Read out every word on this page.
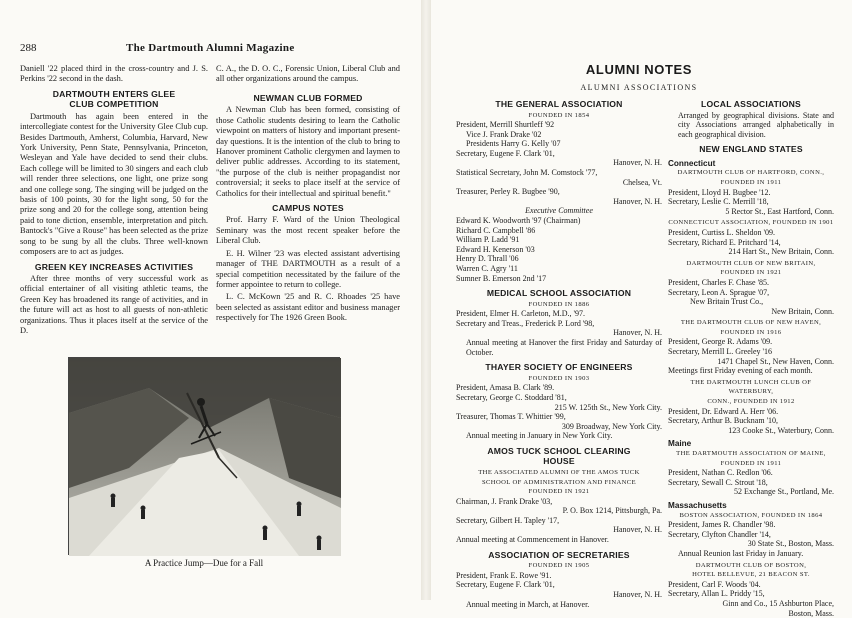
288	The Dartmouth Alumni Magazine

Daniell '22 placed third in the cross-country and J. S. Perkins '22 second in the dash.

DARTMOUTH ENTERS GLEE
CLUB COMPETITION

Dartmouth has again been entered in the intercollegiate contest for the University Glee Club cup. Besides Dartmouth, Amherst, Columbia, Harvard, New York University, Penn State, Pennsylvania, Princeton, Wesleyan and Yale have decided to send their clubs. Each college will be limited to 30 singers and each club will render three selections, one light, one prize song and one college song. The singing will be judged on the basis of 100 points, 30 for the light song, 50 for the prize song and 20 for the college song, attention being paid to tone diction, ensemble, interpretation and pitch. Bantock's "Give a Rouse" has been selected as the prize song to be sung by all the clubs. Three well-known composers are to act as judges.

GREEN KEY INCREASES ACTIVITIES

After three months of very successful work as official entertainer of all visiting athletic teams, the Green Key has broadened its range of activities, and in the future will act as host to all guests of non-athletic organizations. Thus it places itself at the service of the D.

C. A., the D. O. C., Forensic Union, Liberal Club and all other organizations around the campus.

NEWMAN CLUB FORMED

A Newman Club has been formed, consisting of those Catholic students desiring to learn the Catholic viewpoint on matters of history and important present-day questions. It is the intention of the club to bring to Hanover prominent Catholic clergymen and laymen to deliver public addresses. According to its statement, "the purpose of the club is neither propagandist nor controversial; it seeks to place itself at the service of Catholics for their intellectual and spiritual benefit."

CAMPUS NOTES

Prof. Harry F. Ward of the Union Theological Seminary was the most recent speaker before the Liberal Club.

E. H. Wilner '23 was elected assistant advertising manager of THE DARTMOUTH as a result of a special competition necessitated by the failure of the former appointee to return to college.

L. C. McKown '25 and R. C. Rhoades '25 have been selected as assistant editor and business manager respectively for The 1926 Green Book.

A Practice Jump—Due for a Fall
ALUMNI NOTES
ALUMNI ASSOCIATIONS
THE GENERAL ASSOCIATION
FOUNDED IN 1854
President, Merrill Shurtleff '92
Vice J. Frank Drake '02
Presidents Harry G. Kelly '07
Secretary, Eugene F. Clark '01,
Hanover, N. H.
Statistical Secretary, John M. Comstock '77,
Chelsea, Vt.
Treasurer, Perley R. Bugbee '90,
Hanover, N. H.
Executive Committee
Edward K. Woodworth '97 (Chairman)
Richard C. Campbell '86
William P. Ladd '91
Edward H. Kenerson '03
Henry D. Thrall '06
Warren C. Agry '11
Sumner B. Emerson 2nd '17
MEDICAL SCHOOL ASSOCIATION
FOUNDED IN 1886
President, Elmer H. Carleton, M.D., '97.
Secretary and Treas., Frederick P. Lord '98,
Hanover, N. H.
Annual meeting at Hanover the first Friday and Saturday of October.
THAYER SOCIETY OF ENGINEERS
FOUNDED IN 1903
President, Amasa B. Clark '89.
Secretary, George C. Stoddard '81,
215 W. 125th St., New York City.
Treasurer, Thomas T. Whittier '99,
309 Broadway, New York City.
Annual meeting in January in New York City.
AMOS TUCK SCHOOL CLEARING
HOUSE
THE ASSOCIATED ALUMNI OF THE AMOS TUCK
SCHOOL OF ADMINISTRATION AND FINANCE
FOUNDED IN 1921
Chairman, J. Frank Drake '03,
P. O. Box 1214, Pittsburgh, Pa.
Secretary, Gilbert H. Tapley '17,
Hanover, N. H.
Annual meeting at Commencement in Hanover.
ASSOCIATION OF SECRETARIES
FOUNDED IN 1905
President, Frank E. Rowe '91.
Secretary, Eugene F. Clark '01,
Hanover, N. H.
Annual meeting in March, at Hanover.
LOCAL ASSOCIATIONS
Arranged by geographical divisions. State and city Associations arranged alphabetically in each geographical division.
NEW ENGLAND STATES
Connecticut
DARTMOUTH CLUB OF HARTFORD, CONN.,
FOUNDED IN 1911
President, Lloyd H. Bugbee '12.
Secretary, Leslie C. Merrill '18,
5 Rector St., East Hartford, Conn.
CONNECTICUT ASSOCIATION, FOUNDED IN 1901
President, Curtiss L. Sheldon '09.
Secretary, Richard E. Pritchard '14,
214 Hart St., New Britain, Conn.
DARTMOUTH CLUB OF NEW BRITAIN,
FOUNDED IN 1921
President, Charles F. Chase '85.
Secretary, Leon A. Sprague '07,
New Britain Trust Co.,
New Britain, Conn.
THE DARTMOUTH CLUB OF NEW HAVEN,
FOUNDED IN 1916
President, George R. Adams '09.
Secretary, Merrill L. Greeley '16
1471 Chapel St., New Haven, Conn.
Meetings first Friday evening of each month.
THE DARTMOUTH LUNCH CLUB OF WATERBURY,
CONN., FOUNDED IN 1912
President, Dr. Edward A. Herr '06.
Secretary, Arthur B. Bucknam '10,
123 Cooke St., Waterbury, Conn.
Maine
THE DARTMOUTH ASSOCIATION OF MAINE,
FOUNDED IN 1911
President, Nathan C. Redlon '06.
Secretary, Sewall C. Strout '18,
52 Exchange St., Portland, Me.
Massachusetts
BOSTON ASSOCIATION, FOUNDED IN 1864
President, James R. Chandler '98.
Secretary, Clyfton Chandler '14,
30 State St., Boston, Mass.
Annual Reunion last Friday in January.
DARTMOUTH CLUB OF BOSTON,
HOTEL BELLEVUE, 21 BEACON ST.
President, Carl F. Woods '04.
Secretary, Allan L. Priddy '15,
Ginn and Co., 15 Ashburton Place,
Boston, Mass.
